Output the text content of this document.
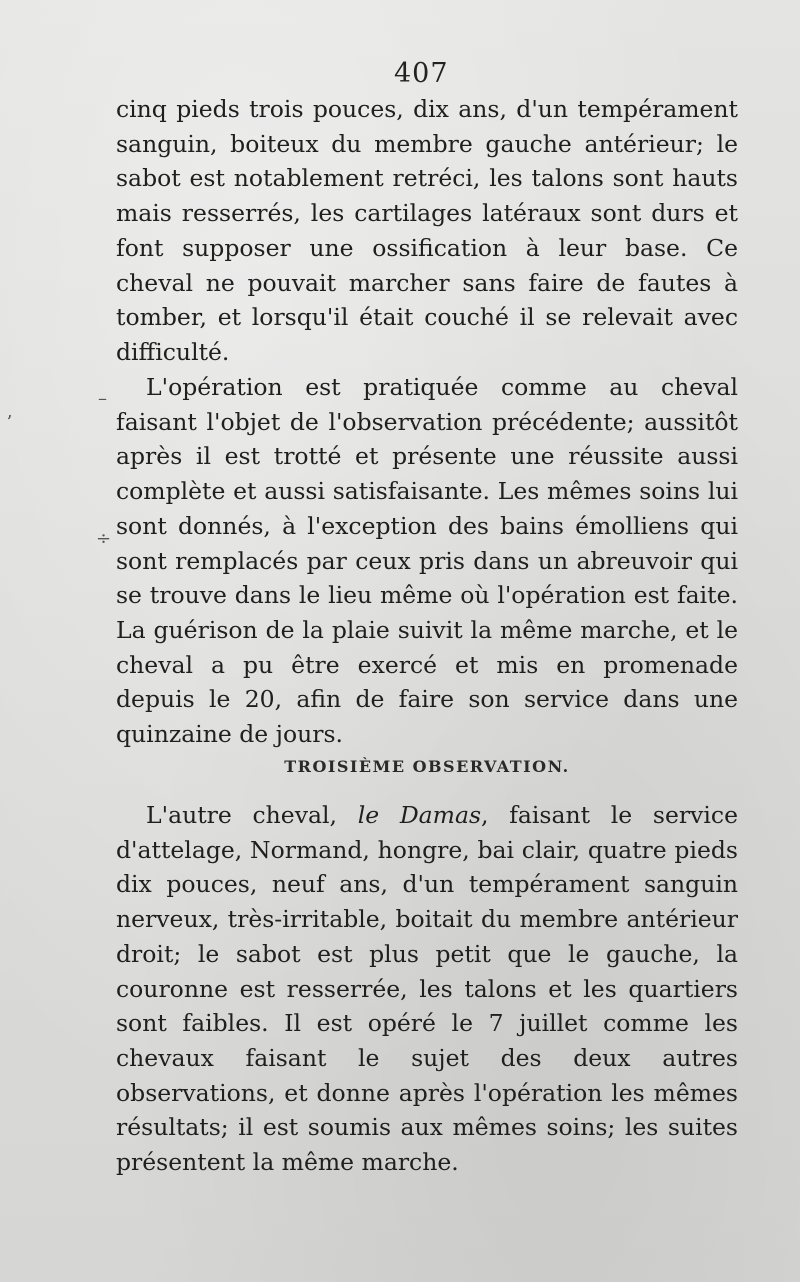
407

cinq pieds trois pouces, dix ans, d'un tempérament sanguin, boiteux du membre gauche antérieur; le sabot est notablement retréci, les talons sont hauts mais resserrés, les cartilages latéraux sont durs et font supposer une ossification à leur base. Ce cheval ne pouvait marcher sans faire de fautes à tomber, et lorsqu'il était couché il se relevait avec difficulté.

L'opération est pratiquée comme au cheval faisant l'objet de l'observation précédente; aussitôt après il est trotté et présente une réussite aussi complète et aussi satisfaisante. Les mêmes soins lui sont donnés, à l'exception des bains émolliens qui sont remplacés par ceux pris dans un abreuvoir qui se trouve dans le lieu même où l'opération est faite. La guérison de la plaie suivit la même marche, et le cheval a pu être exercé et mis en promenade depuis le 20, afin de faire son service dans une quinzaine de jours.

TROISIÈME OBSERVATION.

L'autre cheval, le Damas, faisant le service d'attelage, Normand, hongre, bai clair, quatre pieds dix pouces, neuf ans, d'un tempérament sanguin nerveux, très-irritable, boitait du membre antérieur droit; le sabot est plus petit que le gauche, la couronne est resserrée, les talons et les quartiers sont faibles. Il est opéré le 7 juillet comme les chevaux faisant le sujet des deux autres observations, et donne après l'opération les mêmes résultats; il est soumis aux mêmes soins; les suites présentent la même marche.

–
÷
ʼ
